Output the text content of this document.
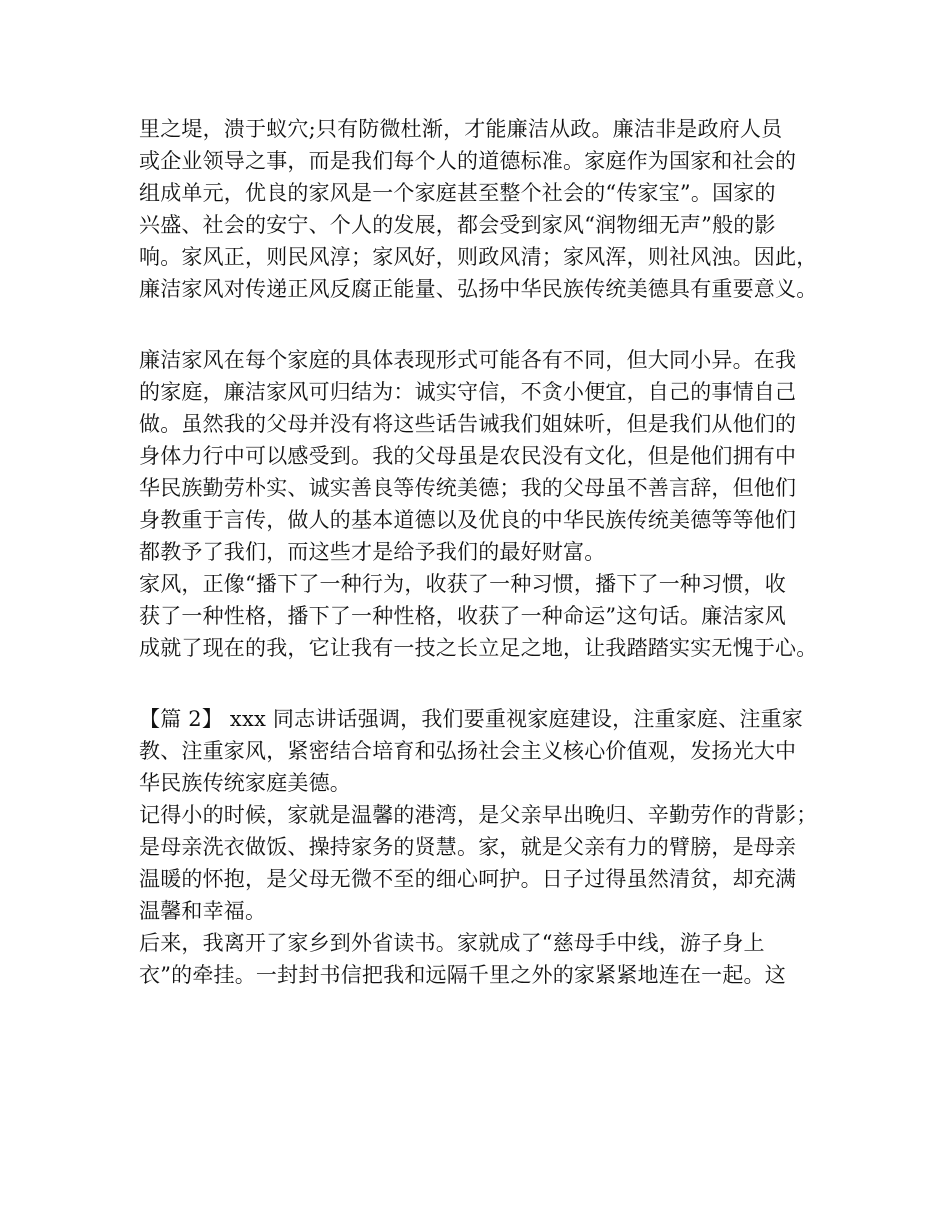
里之堤，溃于蚁穴;只有防微杜渐，才能廉洁从政。廉洁非是政府人员
或企业领导之事，而是我们每个人的道德标准。家庭作为国家和社会的
组成单元，优良的家风是一个家庭甚至整个社会的“传家宝”。国家的
兴盛、社会的安宁、个人的发展，都会受到家风“润物细无声”般的影
响。家风正，则民风淳；家风好，则政风清；家风浑，则社风浊。因此，
廉洁家风对传递正风反腐正能量、弘扬中华民族传统美德具有重要意义。
廉洁家风在每个家庭的具体表现形式可能各有不同，但大同小异。在我
的家庭，廉洁家风可归结为：诚实守信，不贪小便宜，自己的事情自己
做。虽然我的父母并没有将这些话告诫我们姐妹听，但是我们从他们的
身体力行中可以感受到。我的父母虽是农民没有文化，但是他们拥有中
华民族勤劳朴实、诚实善良等传统美德；我的父母虽不善言辞，但他们
身教重于言传，做人的基本道德以及优良的中华民族传统美德等等他们
都教予了我们，而这些才是给予我们的最好财富。
家风，正像“播下了一种行为，收获了一种习惯，播下了一种习惯，收
获了一种性格，播下了一种性格，收获了一种命运”这句话。廉洁家风
成就了现在的我，它让我有一技之长立足之地，让我踏踏实实无愧于心。
【篇 2】 xxx 同志讲话强调，我们要重视家庭建设，注重家庭、注重家
教、注重家风，紧密结合培育和弘扬社会主义核心价值观，发扬光大中
华民族传统家庭美德。
记得小的时候，家就是温馨的港湾，是父亲早出晚归、辛勤劳作的背影；
是母亲洗衣做饭、操持家务的贤慧。家，就是父亲有力的臂膀，是母亲
温暖的怀抱，是父母无微不至的细心呵护。日子过得虽然清贫，却充满
温馨和幸福。
后来，我离开了家乡到外省读书。家就成了“慈母手中线，游子身上
衣”的牵挂。一封封书信把我和远隔千里之外的家紧紧地连在一起。这
